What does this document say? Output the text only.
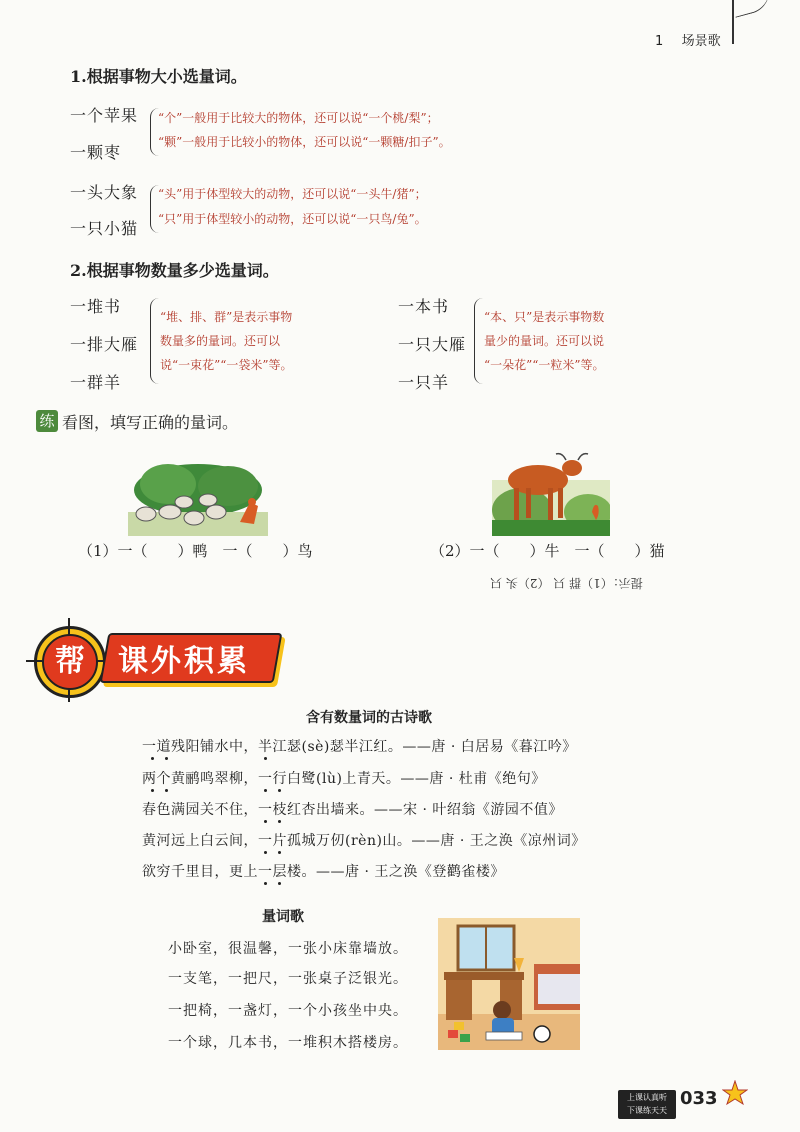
1 场景歌
1.根据事物大小选量词。
一个苹果
一颗枣
“个”一般用于比较大的物体，还可以说“一个桃/梨”；
“颗”一般用于比较小的物体，还可以说“一颗糖/扣子”。
一头大象
一只小猫
“头”用于体型较大的动物，还可以说“一头牛/猪”；
“只”用于体型较小的动物，还可以说“一只鸟/兔”。
2.根据事物数量多少选量词。
一堆书
一排大雁
一群羊
“堆、排、群”是表示事物
数量多的量词。还可以
说“一束花”“一袋米”等。
一本书
一只大雁
一只羊
“本、只”是表示事物数
量少的量词。还可以说
“一朵花”“一粒米”等。
练 看图，填写正确的量词。
（1）一（　　）鸭　一（　　）鸟	（2）一（　　）牛　一（　　）猫
提示：（1）群 只 （2）头 只
帮	课外积累
含有数量词的古诗歌
一道残阳铺水中，半江瑟(sè)瑟半江红。——唐 · 白居易《暮江吟》
两个黄鹂鸣翠柳，一行白鹭(lù)上青天。——唐 · 杜甫《绝句》
春色满园关不住，一枝红杏出墙来。——宋 · 叶绍翁《游园不值》
黄河远上白云间，一片孤城万仞(rèn)山。——唐 · 王之涣《凉州词》
欲穷千里目，更上一层楼。——唐 · 王之涣《登鹳雀楼》
量词歌
小卧室，很温馨，一张小床靠墙放。
一支笔，一把尺，一张桌子泛银光。
一把椅，一盏灯，一个小孩坐中央。
一个球，几本书，一堆积木搭楼房。
上课认真听
下课练天天
033
